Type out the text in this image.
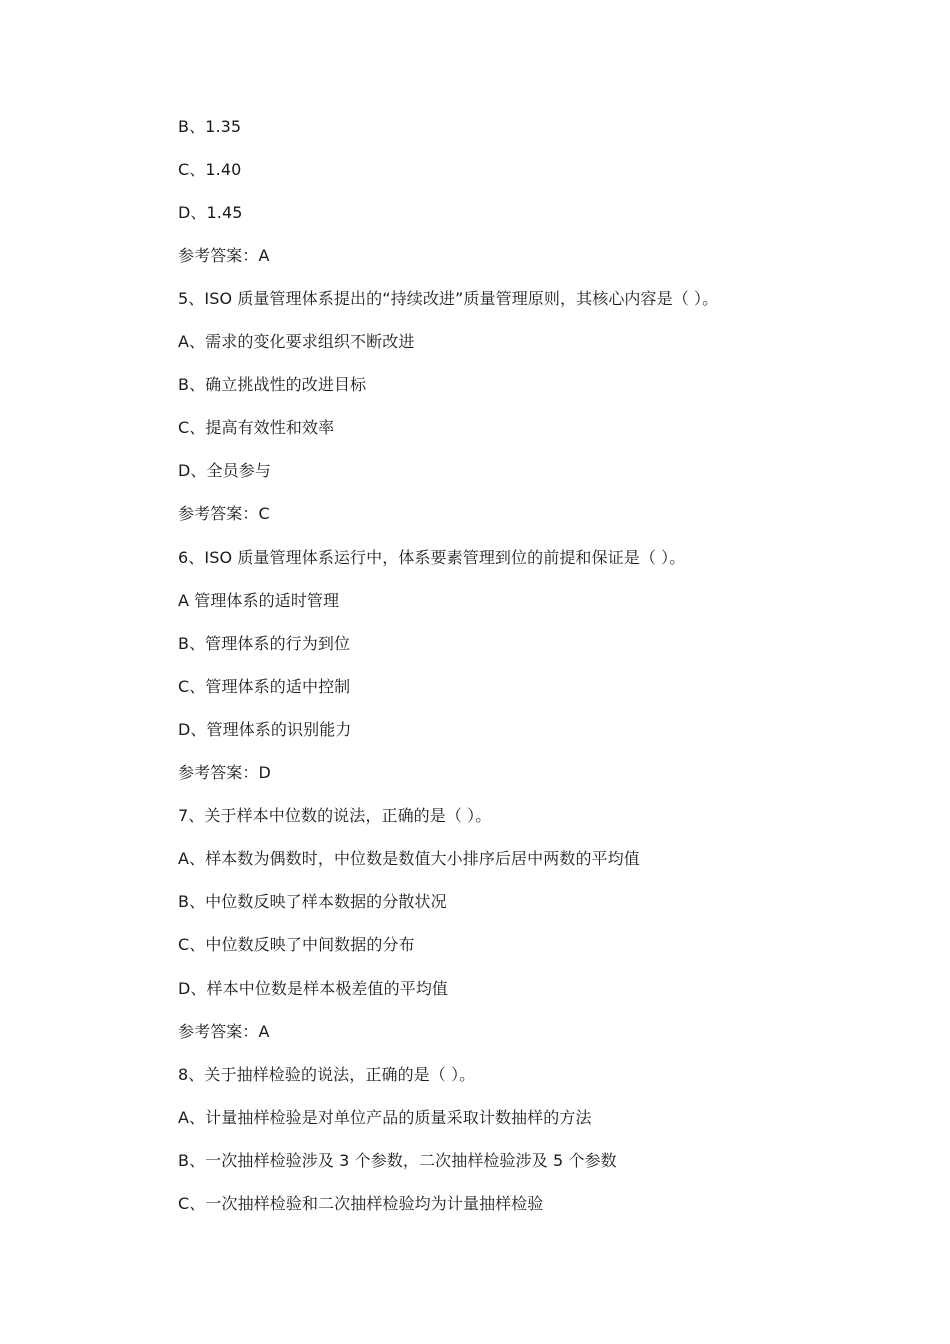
B、1.35
C、1.40
D、1.45
参考答案：A
5、ISO 质量管理体系提出的“持续改进”质量管理原则，其核心内容是（ ）。
A、需求的变化要求组织不断改进
B、确立挑战性的改进目标
C、提高有效性和效率
D、全员参与
参考答案：C
6、ISO 质量管理体系运行中，体系要素管理到位的前提和保证是（ ）。
A 管理体系的适时管理
B、管理体系的行为到位
C、管理体系的适中控制
D、管理体系的识别能力
参考答案：D
7、关于样本中位数的说法，正确的是（ ）。
A、样本数为偶数时，中位数是数值大小排序后居中两数的平均值
B、中位数反映了样本数据的分散状况
C、中位数反映了中间数据的分布
D、样本中位数是样本极差值的平均值
参考答案：A
8、关于抽样检验的说法，正确的是（ ）。
A、计量抽样检验是对单位产品的质量采取计数抽样的方法
B、一次抽样检验涉及 3 个参数，二次抽样检验涉及 5 个参数
C、一次抽样检验和二次抽样检验均为计量抽样检验
